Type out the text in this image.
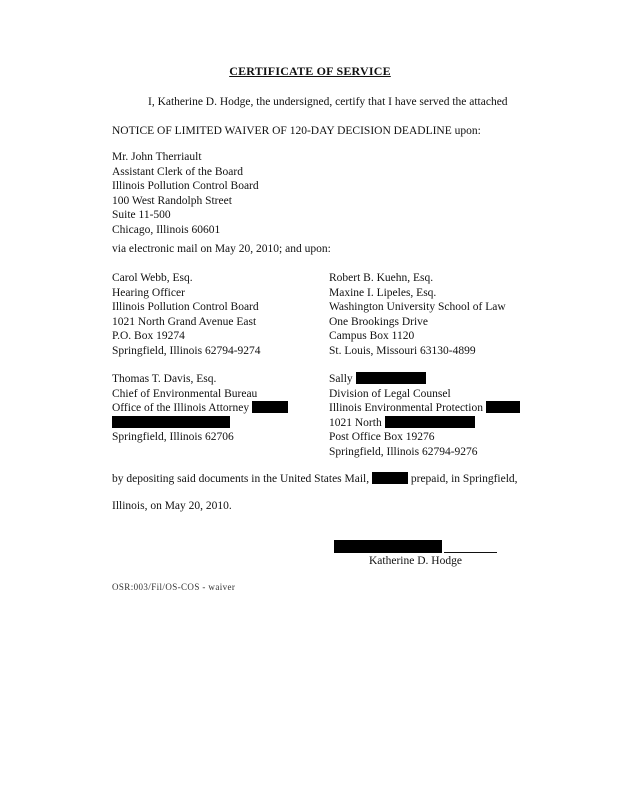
CERTIFICATE OF SERVICE

I, Katherine D. Hodge, the undersigned, certify that I have served the attached

NOTICE OF LIMITED WAIVER OF 120-DAY DECISION DEADLINE upon:

Mr. John Therriault
Assistant Clerk of the Board
Illinois Pollution Control Board
100 West Randolph Street
Suite 11-500
Chicago, Illinois 60601

via electronic mail on May 20, 2010; and upon:

Carol Webb, Esq.
Hearing Officer
Illinois Pollution Control Board
1021 North Grand Avenue East
P.O. Box 19274
Springfield, Illinois 62794-9274
Robert B. Kuehn, Esq.
Maxine I. Lipeles, Esq.
Washington University School of Law
One Brookings Drive
Campus Box 1120
St. Louis, Missouri 63130-4899
Thomas T. Davis, Esq.
Chief of Environmental Bureau
Office of the Illinois Attorney
Springfield, Illinois 62706
Sally
Division of Legal Counsel
Illinois Environmental Protection
1021 North
Post Office Box 19276
Springfield, Illinois 62794-9276

by depositing said documents in the United States Mail,	prepaid, in Springfield,

Illinois, on May 20, 2010.

Katherine D. Hodge

OSR:003/Fil/OS-COS - waiver
